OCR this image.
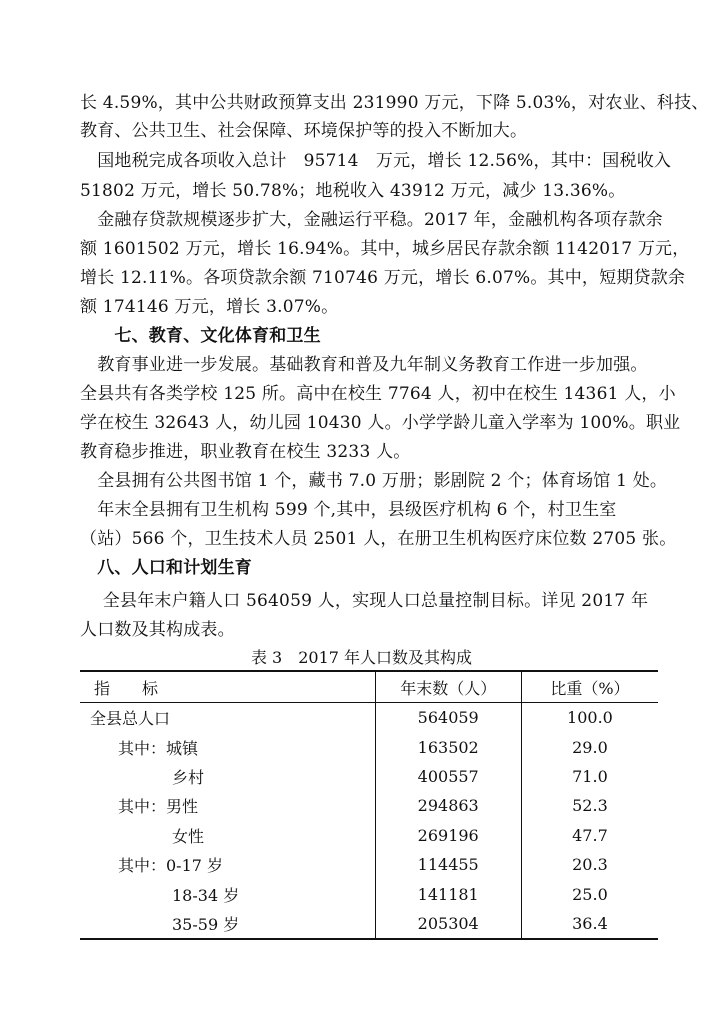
长 4.59%，其中公共财政预算支出 231990 万元，下降 5.03%，对农业、科技、
教育、公共卫生、社会保障、环境保护等的投入不断加大。
　国地税完成各项收入总计　95714　万元，增长 12.56%，其中：国税收入
51802 万元，增长 50.78%；地税收入 43912 万元，减少 13.36%。
　金融存贷款规模逐步扩大，金融运行平稳。2017 年，金融机构各项存款余
额 1601502 万元，增长 16.94%。其中，城乡居民存款余额 1142017 万元，
增长 12.11%。各项贷款余额 710746 万元，增长 6.07%。其中，短期贷款余
额 174146 万元，增长 3.07%。
　　七、教育、文化体育和卫生
　教育事业进一步发展。基础教育和普及九年制义务教育工作进一步加强。
全县共有各类学校 125 所。高中在校生 7764 人，初中在校生 14361 人，小
学在校生 32643 人，幼儿园 10430 人。小学学龄儿童入学率为 100%。职业
教育稳步推进，职业教育在校生 3233 人。
　全县拥有公共图书馆 1 个，藏书 7.0 万册；影剧院 2 个；体育场馆 1 处。
　年末全县拥有卫生机构 599 个,其中，县级医疗机构 6 个，村卫生室
（站）566 个，卫生技术人员 2501 人，在册卫生机构医疗床位数 2705 张。
　八、人口和计划生育
　 全县年末户籍人口 564059 人，实现人口总量控制目标。详见 2017 年
人口数及其构成表。
表 3　2017 年人口数及其构成
指　　标	年末数（人）	比重（%）
全县总人口	564059	100.0
其中：城镇	163502	29.0
乡村	400557	71.0
其中：男性	294863	52.3
女性	269196	47.7
其中：0-17 岁	114455	20.3
18-34 岁	141181	25.0
35-59 岁	205304	36.4
